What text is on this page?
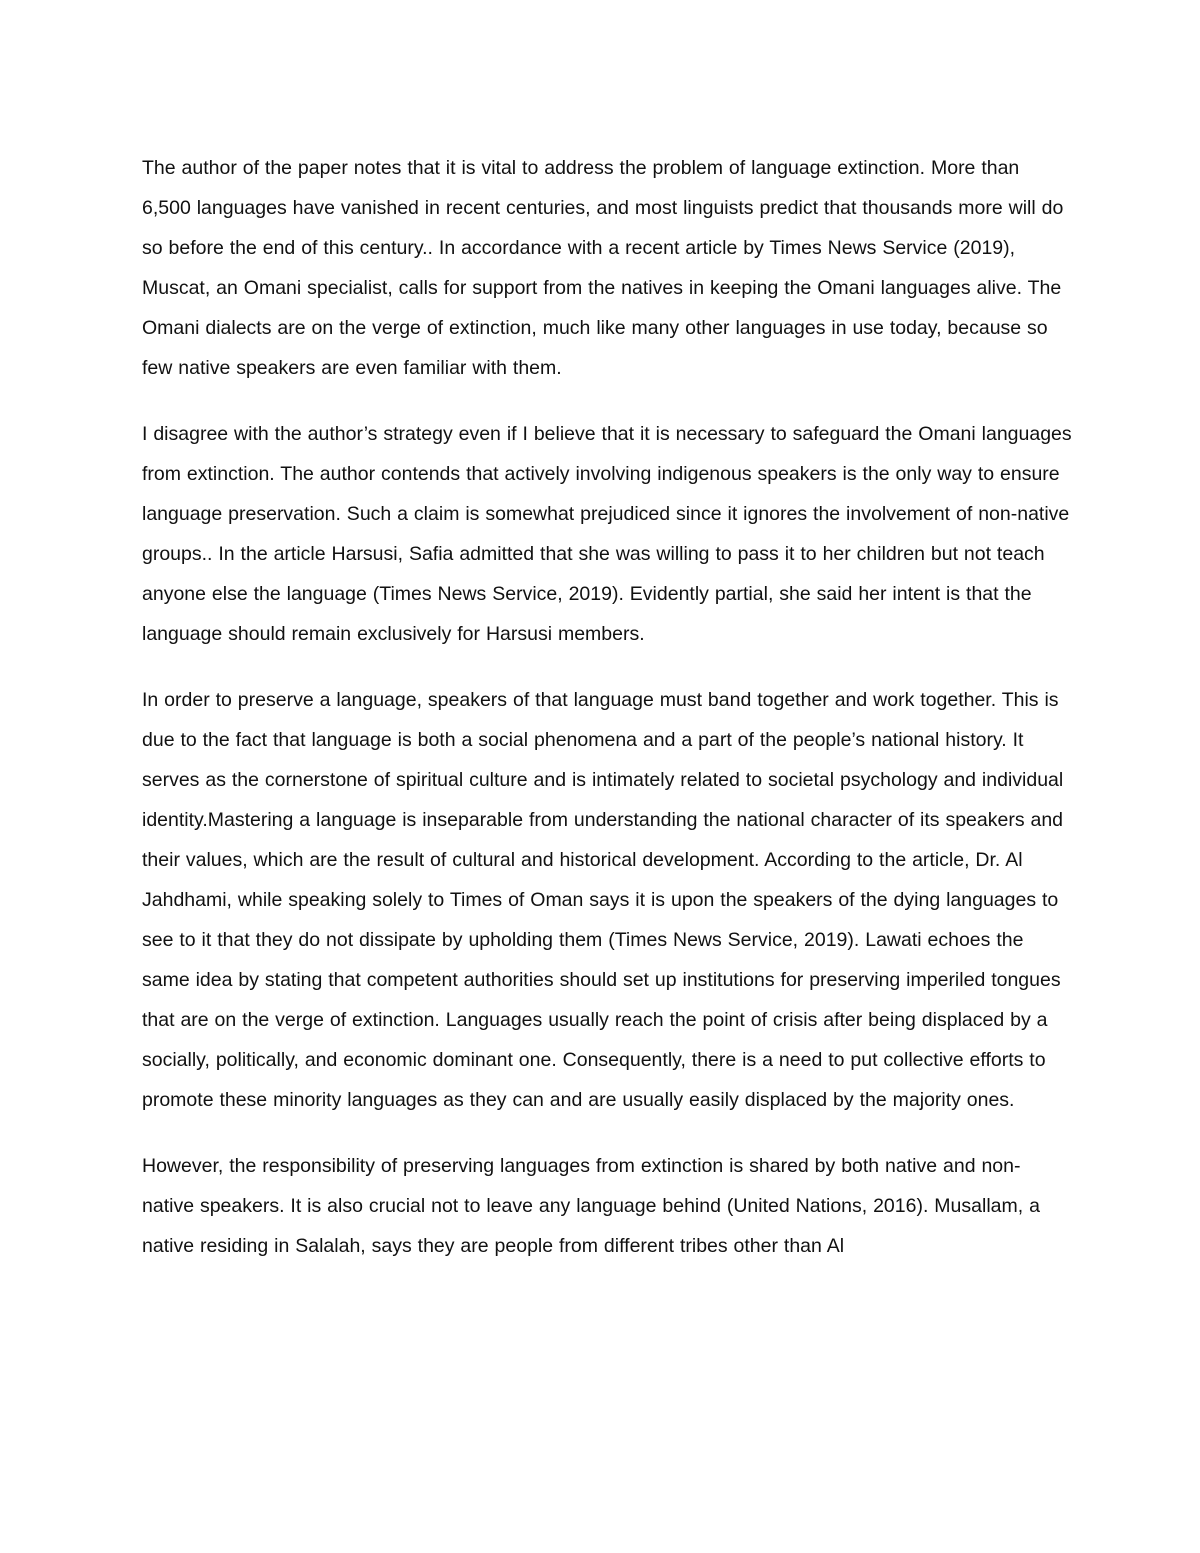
The author of the paper notes that it is vital to address the problem of language extinction. More than 6,500 languages have vanished in recent centuries, and most linguists predict that thousands more will do so before the end of this century.. In accordance with a recent article by Times News Service (2019), Muscat, an Omani specialist, calls for support from the natives in keeping the Omani languages alive. The Omani dialects are on the verge of extinction, much like many other languages in use today, because so few native speakers are even familiar with them.

I disagree with the author’s strategy even if I believe that it is necessary to safeguard the Omani languages from extinction. The author contends that actively involving indigenous speakers is the only way to ensure language preservation. Such a claim is somewhat prejudiced since it ignores the involvement of non-native groups.. In the article Harsusi, Safia admitted that she was willing to pass it to her children but not teach anyone else the language (Times News Service, 2019). Evidently partial, she said her intent is that the language should remain exclusively for Harsusi members.

In order to preserve a language, speakers of that language must band together and work together. This is due to the fact that language is both a social phenomena and a part of the people’s national history. It serves as the cornerstone of spiritual culture and is intimately related to societal psychology and individual identity.Mastering a language is inseparable from understanding the national character of its speakers and their values, which are the result of cultural and historical development. According to the article, Dr. Al Jahdhami, while speaking solely to Times of Oman says it is upon the speakers of the dying languages to see to it that they do not dissipate by upholding them (Times News Service, 2019). Lawati echoes the same idea by stating that competent authorities should set up institutions for preserving imperiled tongues that are on the verge of extinction. Languages usually reach the point of crisis after being displaced by a socially, politically, and economic dominant one. Consequently, there is a need to put collective efforts to promote these minority languages as they can and are usually easily displaced by the majority ones.

However, the responsibility of preserving languages from extinction is shared by both native and non-native speakers. It is also crucial not to leave any language behind (United Nations, 2016). Musallam, a native residing in Salalah, says they are people from different tribes other than Al
